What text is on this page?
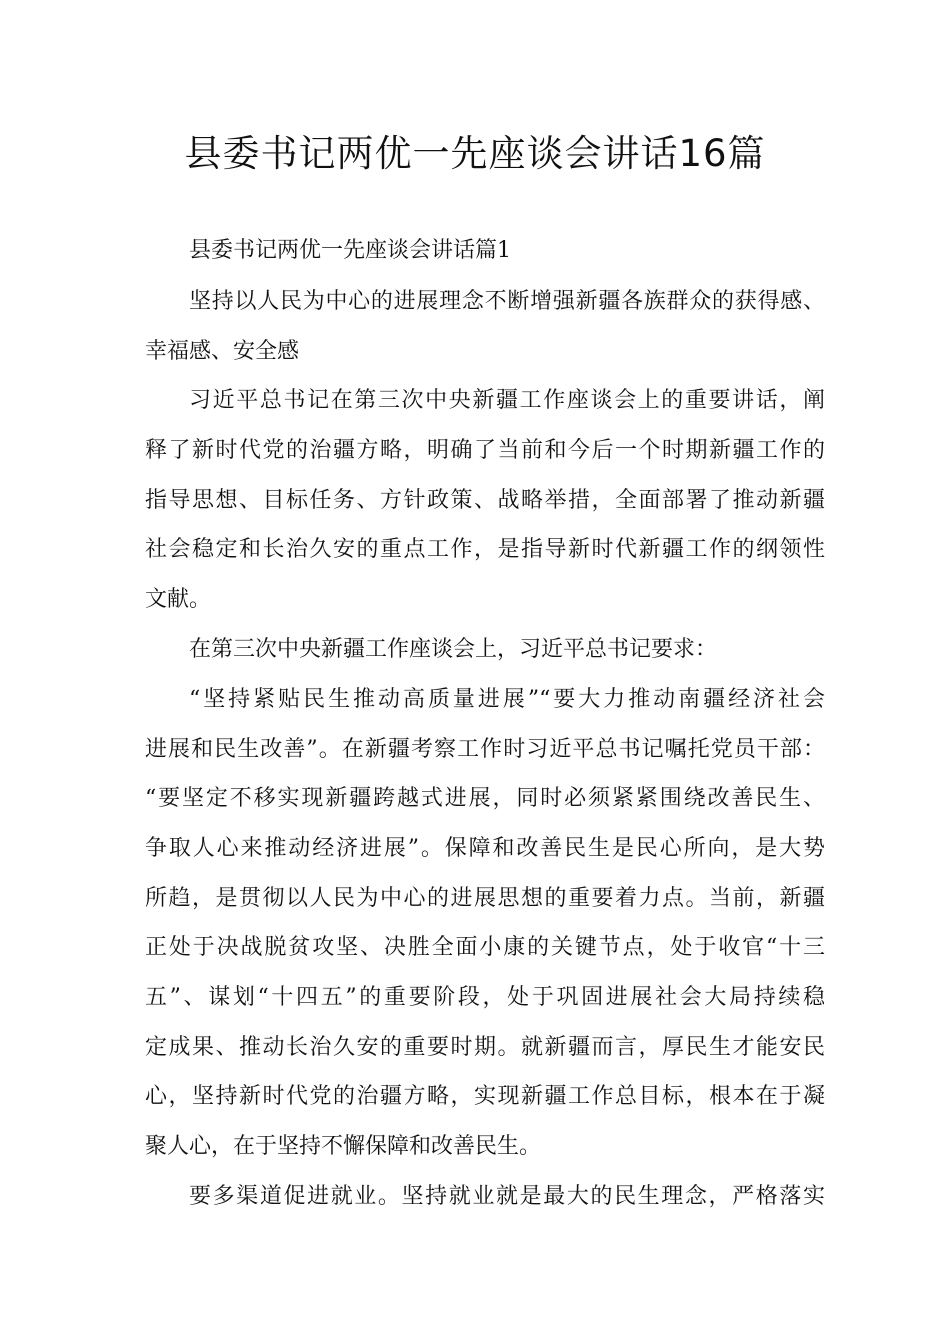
县委书记两优一先座谈会讲话16篇
县委书记两优一先座谈会讲话篇1
坚持以人民为中心的进展理念不断增强新疆各族群众的获得感、
幸福感、安全感
习近平总书记在第三次中央新疆工作座谈会上的重要讲话，阐
释了新时代党的治疆方略，明确了当前和今后一个时期新疆工作的
指导思想、目标任务、方针政策、战略举措，全面部署了推动新疆
社会稳定和长治久安的重点工作，是指导新时代新疆工作的纲领性
文献。
在第三次中央新疆工作座谈会上，习近平总书记要求：
“坚持紧贴民生推动高质量进展”“要大力推动南疆经济社会
进展和民生改善”。在新疆考察工作时习近平总书记嘱托党员干部：
“要坚定不移实现新疆跨越式进展，同时必须紧紧围绕改善民生、
争取人心来推动经济进展”。保障和改善民生是民心所向，是大势
所趋，是贯彻以人民为中心的进展思想的重要着力点。当前，新疆
正处于决战脱贫攻坚、决胜全面小康的关键节点，处于收官“十三
五”、谋划“十四五”的重要阶段，处于巩固进展社会大局持续稳
定成果、推动长治久安的重要时期。就新疆而言，厚民生才能安民
心，坚持新时代党的治疆方略，实现新疆工作总目标，根本在于凝
聚人心，在于坚持不懈保障和改善民生。
要多渠道促进就业。坚持就业就是最大的民生理念，严格落实
